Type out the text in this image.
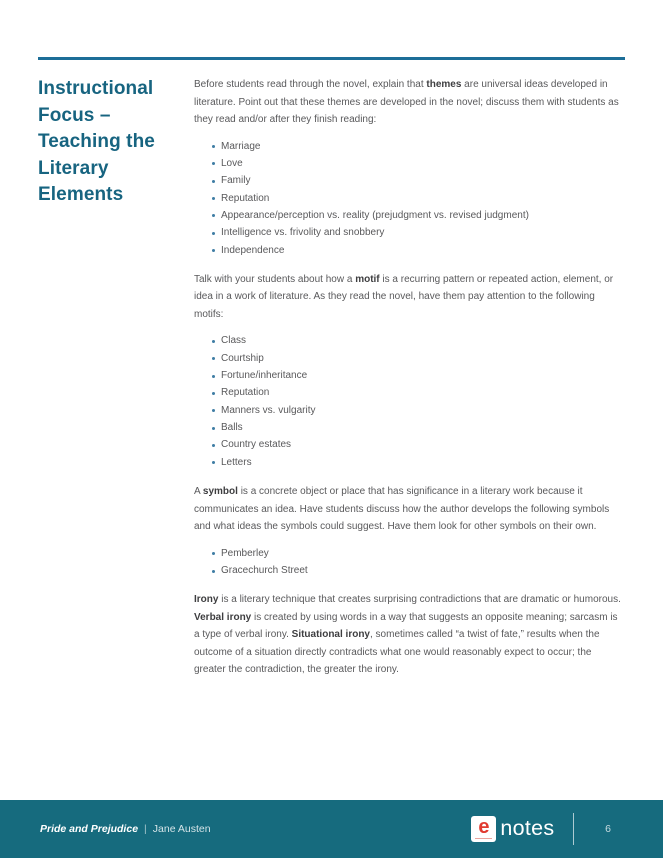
Instructional Focus – Teaching the Literary Elements

Before students read through the novel, explain that themes are universal ideas developed in literature. Point out that these themes are developed in the novel; discuss them with students as they read and/or after they finish reading:

Marriage
Love
Family
Reputation
Appearance/perception vs. reality (prejudgment vs. revised judgment)
Intelligence vs. frivolity and snobbery
Independence

Talk with your students about how a motif is a recurring pattern or repeated action, element, or idea in a work of literature. As they read the novel, have them pay attention to the following motifs:

Class
Courtship
Fortune/inheritance
Reputation
Manners vs. vulgarity
Balls
Country estates
Letters

A symbol is a concrete object or place that has significance in a literary work because it communicates an idea. Have students discuss how the author develops the following symbols and what ideas the symbols could suggest. Have them look for other symbols on their own.

Pemberley
Gracechurch Street

Irony is a literary technique that creates surprising contradictions that are dramatic or humorous. Verbal irony is created by using words in a way that suggests an opposite meaning; sarcasm is a type of verbal irony. Situational irony, sometimes called “a twist of fate,” results when the outcome of a situation directly contradicts what one would reasonably expect to occur; the greater the contradiction, the greater the irony.

Pride and Prejudice | Jane Austen	e notes	6
